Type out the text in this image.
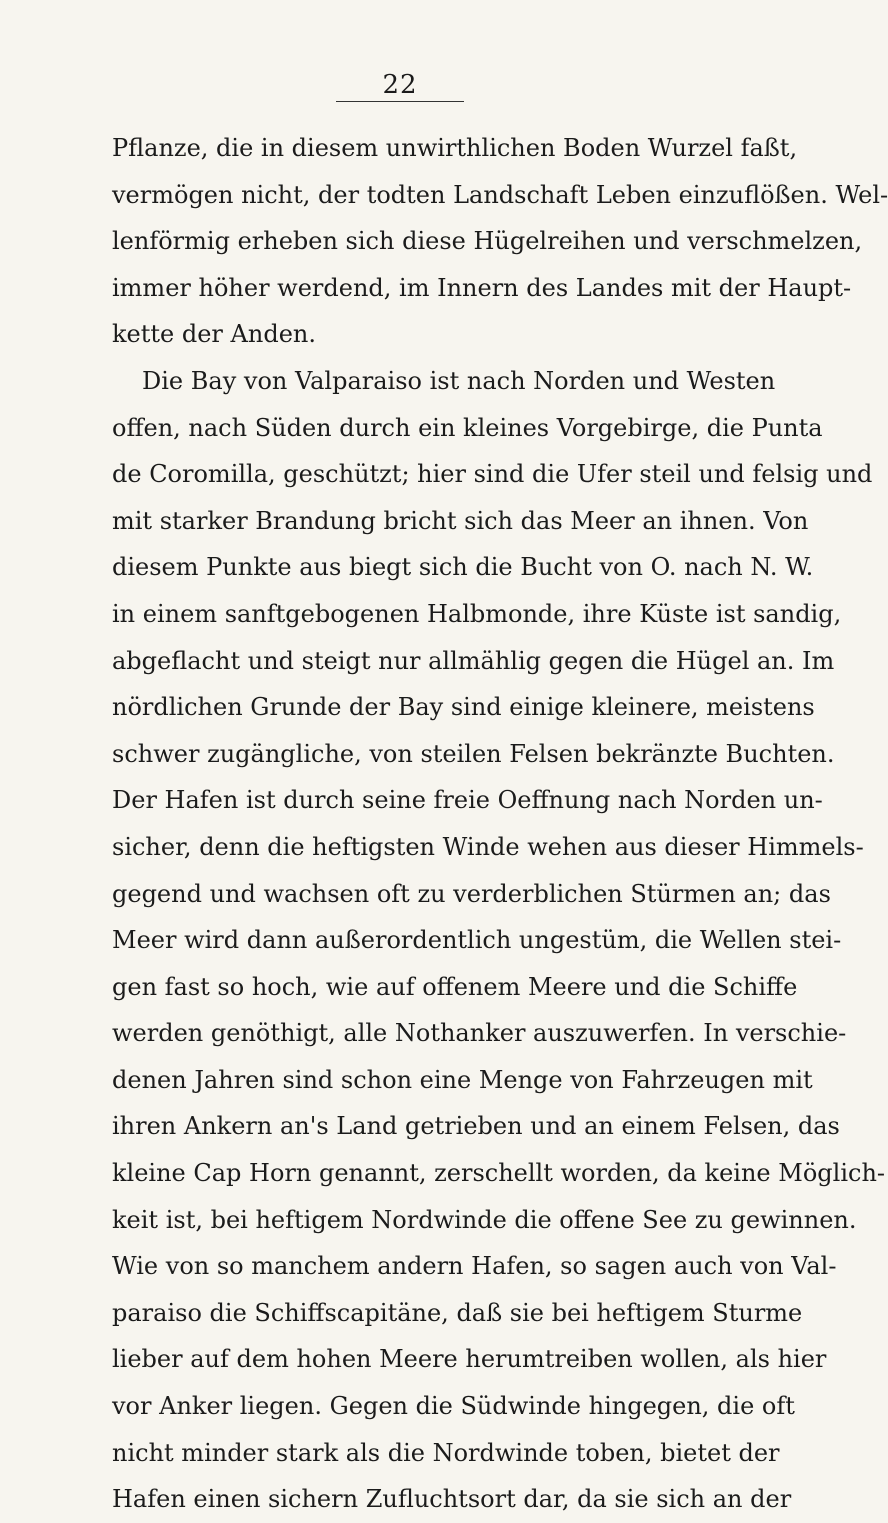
22
Pflanze, die in diesem unwirthlichen Boden Wurzel faßt,
vermögen nicht, der todten Landschaft Leben einzuflößen. Wel-
lenförmig erheben sich diese Hügelreihen und verschmelzen,
immer höher werdend, im Innern des Landes mit der Haupt-
kette der Anden.
Die Bay von Valparaiso ist nach Norden und Westen
offen, nach Süden durch ein kleines Vorgebirge, die Punta
de Coromilla, geschützt; hier sind die Ufer steil und felsig und
mit starker Brandung bricht sich das Meer an ihnen. Von
diesem Punkte aus biegt sich die Bucht von O. nach N. W.
in einem sanftgebogenen Halbmonde, ihre Küste ist sandig,
abgeflacht und steigt nur allmählig gegen die Hügel an. Im
nördlichen Grunde der Bay sind einige kleinere, meistens
schwer zugängliche, von steilen Felsen bekränzte Buchten.
Der Hafen ist durch seine freie Oeffnung nach Norden un-
sicher, denn die heftigsten Winde wehen aus dieser Himmels-
gegend und wachsen oft zu verderblichen Stürmen an; das
Meer wird dann außerordentlich ungestüm, die Wellen stei-
gen fast so hoch, wie auf offenem Meere und die Schiffe
werden genöthigt, alle Nothanker auszuwerfen. In verschie-
denen Jahren sind schon eine Menge von Fahrzeugen mit
ihren Ankern an's Land getrieben und an einem Felsen, das
kleine Cap Horn genannt, zerschellt worden, da keine Möglich-
keit ist, bei heftigem Nordwinde die offene See zu gewinnen.
Wie von so manchem andern Hafen, so sagen auch von Val-
paraiso die Schiffscapitäne, daß sie bei heftigem Sturme
lieber auf dem hohen Meere herumtreiben wollen, als hier
vor Anker liegen. Gegen die Südwinde hingegen, die oft
nicht minder stark als die Nordwinde toben, bietet der
Hafen einen sichern Zufluchtsort dar, da sie sich an der
